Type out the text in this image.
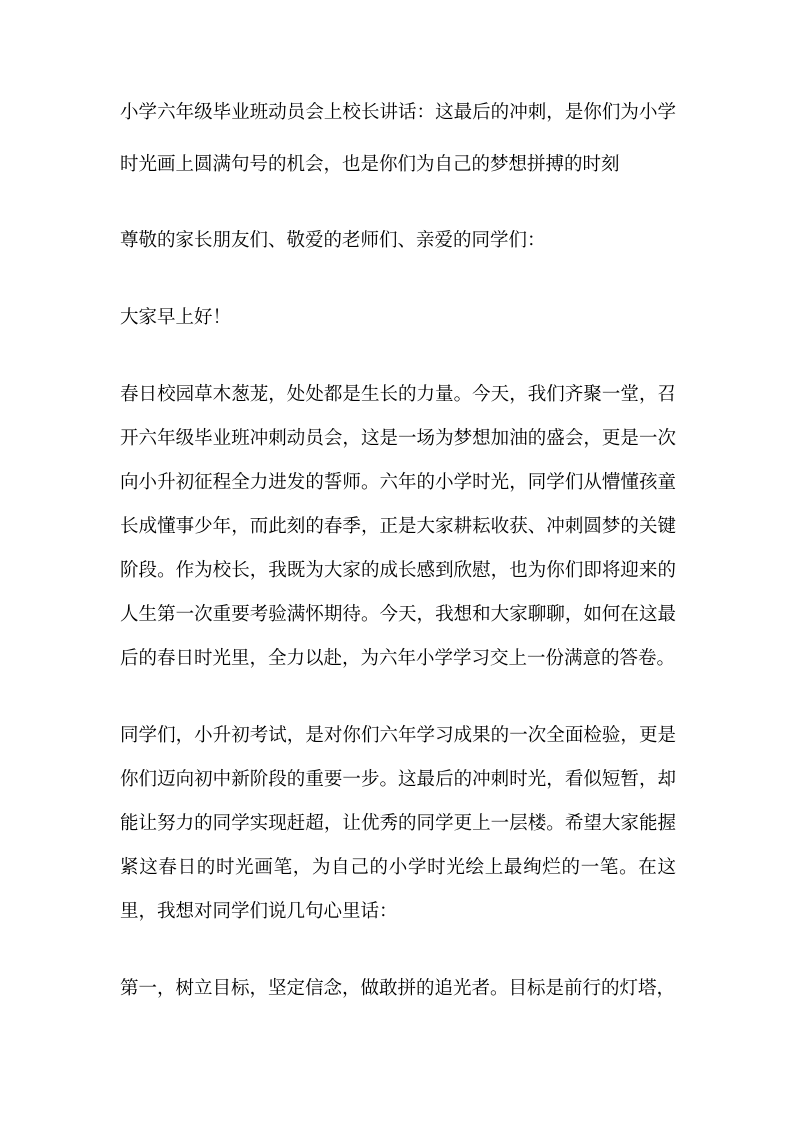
小学六年级毕业班动员会上校长讲话：这最后的冲刺，是你们为小学时光画上圆满句号的机会，也是你们为自己的梦想拼搏的时刻

尊敬的家长朋友们、敬爱的老师们、亲爱的同学们：

大家早上好！

春日校园草木葱茏，处处都是生长的力量。今天，我们齐聚一堂，召开六年级毕业班冲刺动员会，这是一场为梦想加油的盛会，更是一次向小升初征程全力进发的誓师。六年的小学时光，同学们从懵懂孩童长成懂事少年，而此刻的春季，正是大家耕耘收获、冲刺圆梦的关键阶段。作为校长，我既为大家的成长感到欣慰，也为你们即将迎来的人生第一次重要考验满怀期待。今天，我想和大家聊聊，如何在这最后的春日时光里，全力以赴，为六年小学学习交上一份满意的答卷。

同学们，小升初考试，是对你们六年学习成果的一次全面检验，更是你们迈向初中新阶段的重要一步。这最后的冲刺时光，看似短暂，却能让努力的同学实现赶超，让优秀的同学更上一层楼。希望大家能握紧这春日的时光画笔，为自己的小学时光绘上最绚烂的一笔。在这里，我想对同学们说几句心里话：

第一，树立目标，坚定信念，做敢拼的追光者。目标是前行的灯塔，
